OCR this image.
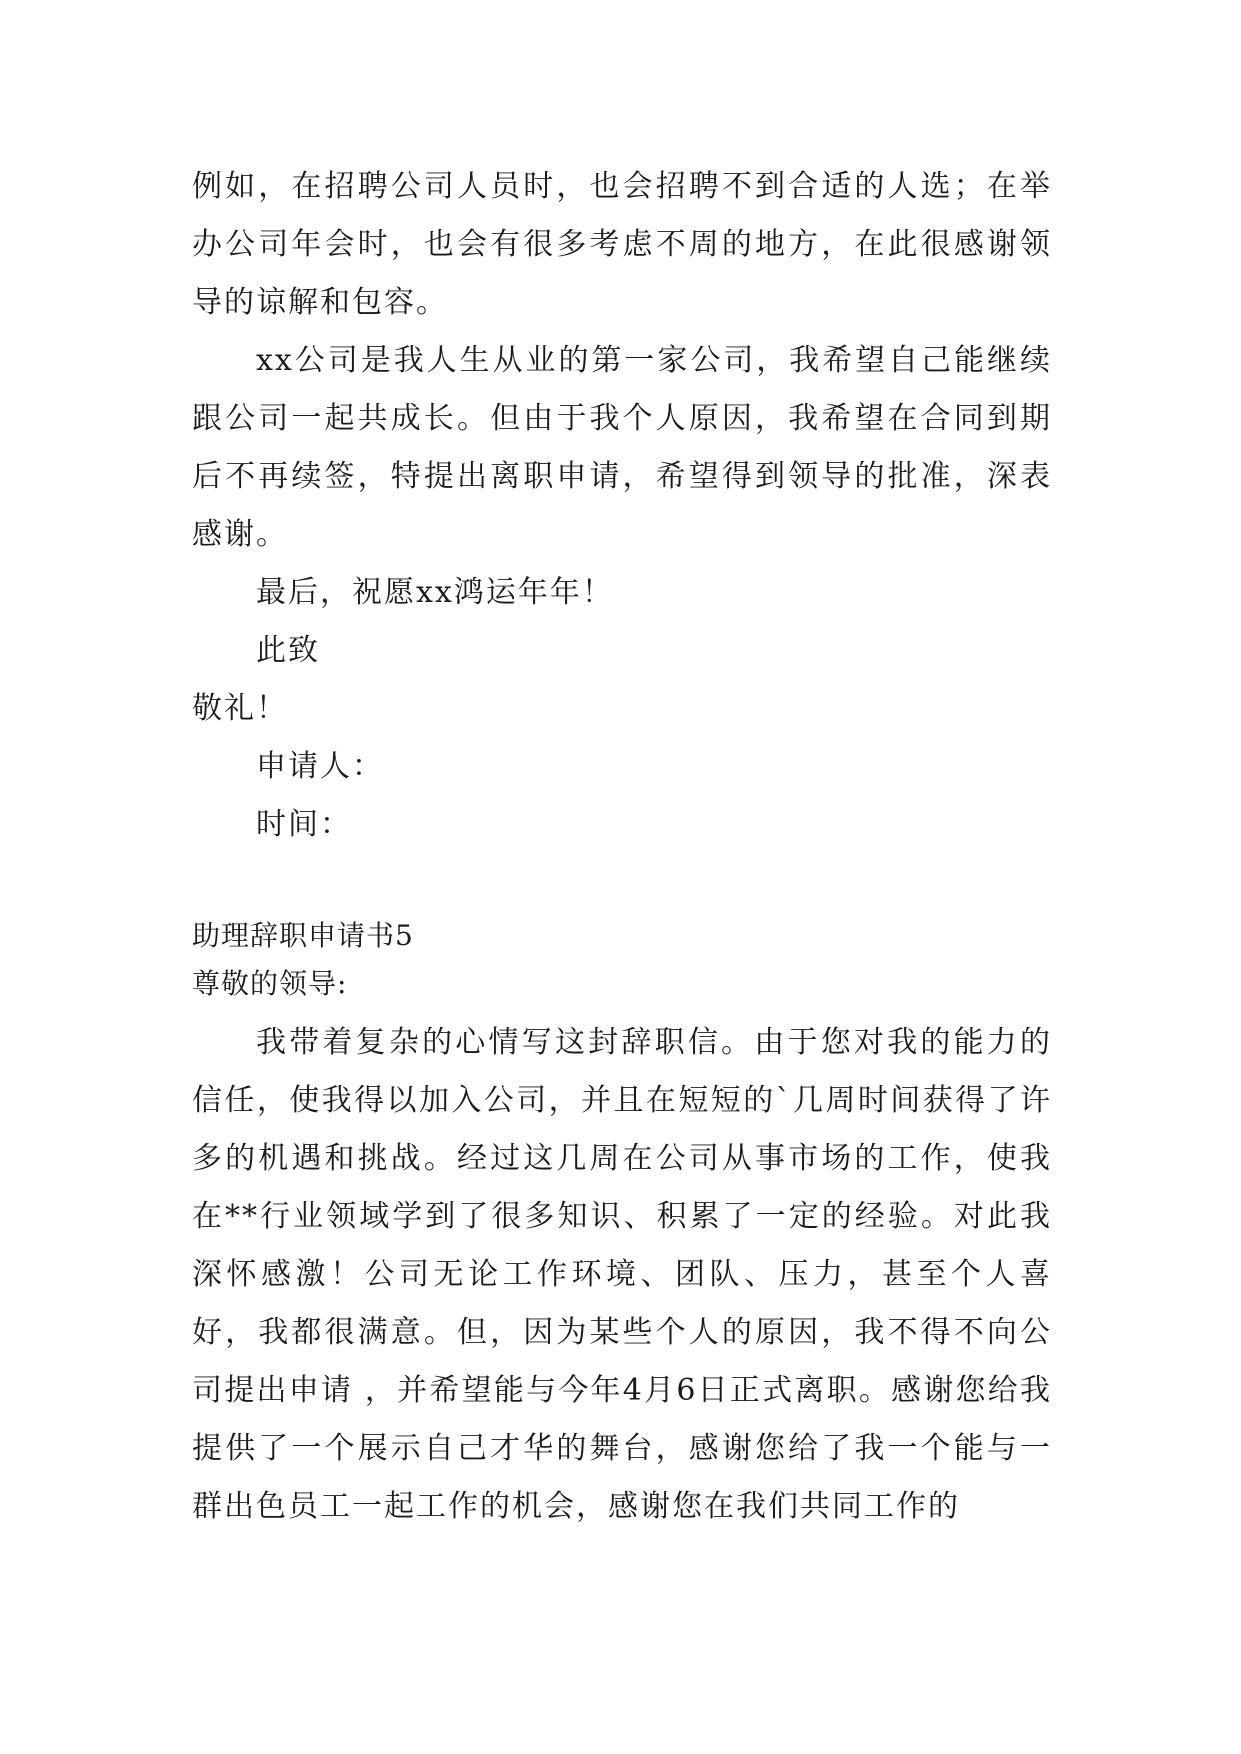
例如，在招聘公司人员时，也会招聘不到合适的人选；在举办公司年会时，也会有很多考虑不周的地方，在此很感谢领导的谅解和包容。

xx公司是我人生从业的第一家公司，我希望自己能继续跟公司一起共成长。但由于我个人原因，我希望在合同到期后不再续签，特提出离职申请，希望得到领导的批准，深表感谢。

最后，祝愿xx鸿运年年！

此致

敬礼！

申请人：

时间：

助理辞职申请书5

尊敬的领导:

我带着复杂的心情写这封辞职信。由于您对我的能力的信任，使我得以加入公司，并且在短短的`几周时间获得了许多的机遇和挑战。经过这几周在公司从事市场的工作，使我在**行业领域学到了很多知识、积累了一定的经验。对此我深怀感激！公司无论工作环境、团队、压力，甚至个人喜好，我都很满意。但，因为某些个人的原因，我不得不向公司提出申请 ，并希望能与今年4月6日正式离职。感谢您给我提供了一个展示自己才华的舞台，感谢您给了我一个能与一群出色员工一起工作的机会，感谢您在我们共同工作的
